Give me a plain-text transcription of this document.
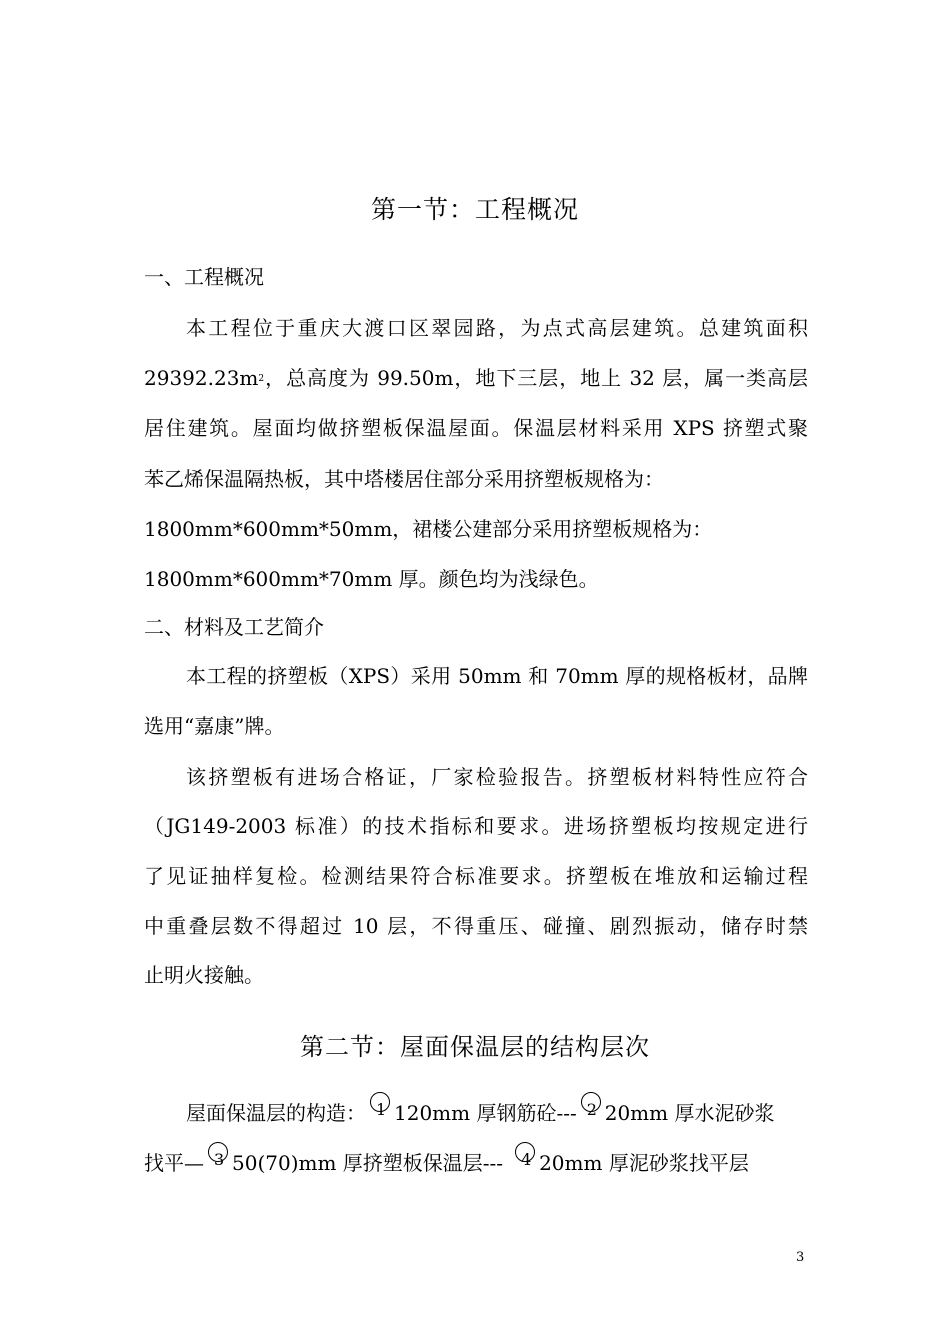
第一节：工程概况

一、工程概况

本工程位于重庆大渡口区翠园路，为点式高层建筑。总建筑面积

$29392.23m^2$，总高度为 99.50m，地下三层，地上 32 层，属一类高层

居住建筑。屋面均做挤塑板保温屋面。保温层材料采用 XPS 挤塑式聚

苯乙烯保温隔热板，其中塔楼居住部分采用挤塑板规格为：

1800mm*600mm*50mm，裙楼公建部分采用挤塑板规格为：

1800mm*600mm*70mm 厚。颜色均为浅绿色。

二、材料及工艺简介

本工程的挤塑板（XPS）采用 50mm 和 70mm 厚的规格板材，品牌

选用“嘉康”牌。

该挤塑板有进场合格证，厂家检验报告。挤塑板材料特性应符合

（JG149-2003 标准）的技术指标和要求。进场挤塑板均按规定进行

了见证抽样复检。检测结果符合标准要求。挤塑板在堆放和运输过程

中重叠层数不得超过 10 层，不得重压、碰撞、剧烈振动，储存时禁

止明火接触。

第二节：屋面保温层的结构层次

屋面保温层的构造： 1 120mm 厚钢筋砼--- 2 20mm 厚水泥砂浆

找平— 3 50(70)mm 厚挤塑板保温层--- 4 20mm 厚泥砂浆找平层

3
